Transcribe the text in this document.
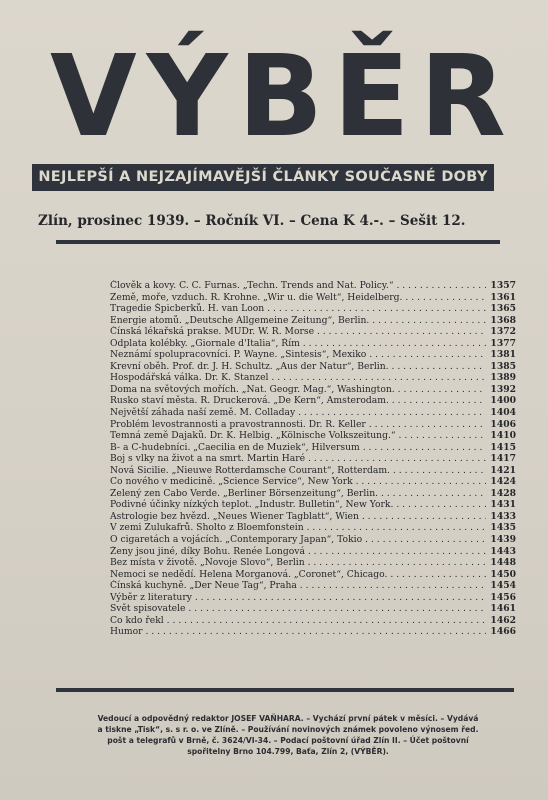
VÝBĚR
NEJLEPŠÍ A NEJZAJÍMAVĚJŠÍ ČLÁNKY SOUČASNÉ DOBY
Zlín, prosinec 1939. – Ročník VI. – Cena K 4.-. – Sešit 12.
Člověk a kovy. C. C. Furnas. „Techn. Trends and Nat. Policy.“ . . .	1357
Země, moře, vzduch. R. Krohne. „Wir u. die Welt“, Heidelberg. . . .	1361
Tragedie Špicberků. H. van Loon . . .	1365
Energie atomů. „Deutsche Allgemeine Zeitung“, Berlin. . . .	1368
Čínská lékařská prakse. MUDr. W. R. Morse . . .	1372
Odplata kolébky. „Giornale d'Italia“, Řím . . .	1377
Neznámí spolupracovníci. P. Wayne. „Sintesis“, Mexiko . . .	1381
Krevní oběh. Prof. dr. J. H. Schultz. „Aus der Natur“, Berlin. . . .	1385
Hospodářská válka. Dr. K. Stanzel . . .	1389
Doma na světových mořích. „Nat. Geogr. Mag.“, Washington. . . .	1392
Rusko staví města. R. Druckerová. „De Kern“, Amsterodam. . . .	1400
Největší záhada naší země. M. Colladay . . .	1404
Problém levostrannosti a pravostrannosti. Dr. R. Keller . . .	1406
Temná země Dajaků. Dr. K. Helbig. „Kölnische Volkszeitung.“ . . .	1410
B- a C-hudebníci. „Caecilia en de Muziek“, Hilversum . . .	1415
Boj s vlky na život a na smrt. Martin Haré . . .	1417
Nová Sicilie. „Nieuwe Rotterdamsche Courant“, Rotterdam. . . .	1421
Co nového v medicině. „Science Service“, New York . . .	1424
Zelený zen Cabo Verde. „Berliner Börsenzeitung“, Berlin. . . .	1428
Podivné účinky nízkých teplot. „Industr. Bulletin“, New York. . . .	1431
Astrologie bez hvězd. „Neues Wiener Tagblatt“, Wien . . .	1433
V zemi Zulukafrů. Sholto z Bloemfonstein . . .	1435
O cigaretách a vojácích. „Contemporary Japan“, Tokio . . .	1439
Ženy jsou jiné, díky Bohu. Renée Longová . . .	1443
Bez místa v životě. „Novoje Slovo“, Berlin . . .	1448
Nemoci se nedědí. Helena Morganová. „Coronet“, Chicago. . . .	1450
Čínská kuchyně. „Der Neue Tag“, Praha . . .	1454
Výběr z literatury . . .	1456
Svět spisovatele . . .	1461
Co kdo řekl . . .	1462
Humor . . .	1466
Vedoucí a odpovědný redaktor JOSEF VAŇHARA. – Vychází první pátek v měsíci. – Vydává
a tiskne „Tisk“, s. s r. o. ve Zlíně. – Používání novinových známek povoleno výnosem řed.
pošt a telegrafů v Brně, č. 3624/VI-34. – Podací poštovní úřad Zlín II. – Účet poštovní
spořitelny Brno 104.799, Baťa, Zlín 2, (VÝBĚR).
